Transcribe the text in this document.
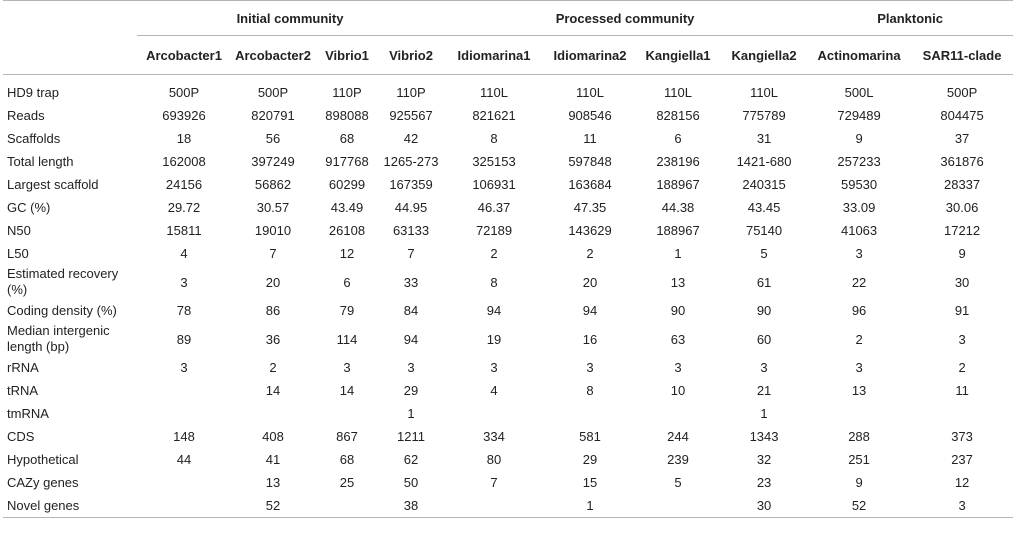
	Initial community				Processed community				Planktonic	
	Arcobacter1	Arcobacter2	Vibrio1	Vibrio2	Idiomarina1	Idiomarina2	Kangiella1	Kangiella2	Actinomarina	SAR11-clade
HD9 trap	500P	500P	110P	110P	110L	110L	110L	110L	500L	500P
Reads	693926	820791	898088	925567	821621	908546	828156	775789	729489	804475
Scaffolds	18	56	68	42	8	11	6	31	9	37
Total length	162008	397249	917768	1265-273	325153	597848	238196	1421-680	257233	361876
Largest scaffold	24156	56862	60299	167359	106931	163684	188967	240315	59530	28337
GC (%)	29.72	30.57	43.49	44.95	46.37	47.35	44.38	43.45	33.09	30.06
N50	15811	19010	26108	63133	72189	143629	188967	75140	41063	17212
L50	4	7	12	7	2	2	1	5	3	9

Estimated recovery
(%)	3	20	6	33	8	20	13	61	22	30
Coding density (%)	78	86	79	84	94	94	90	90	96	91

Median intergenic
length (bp)	89	36	114	94	19	16	63	60	2	3
rRNA	3	2	3	3	3	3	3	3	3	2
tRNA		14	14	29	4	8	10	21	13	11
tmRNA				1				1		
CDS	148	408	867	1211	334	581	244	1343	288	373
Hypothetical	44	41	68	62	80	29	239	32	251	237
CAZy genes		13	25	50	7	15	5	23	9	12
Novel genes		52		38		1		30	52	3
